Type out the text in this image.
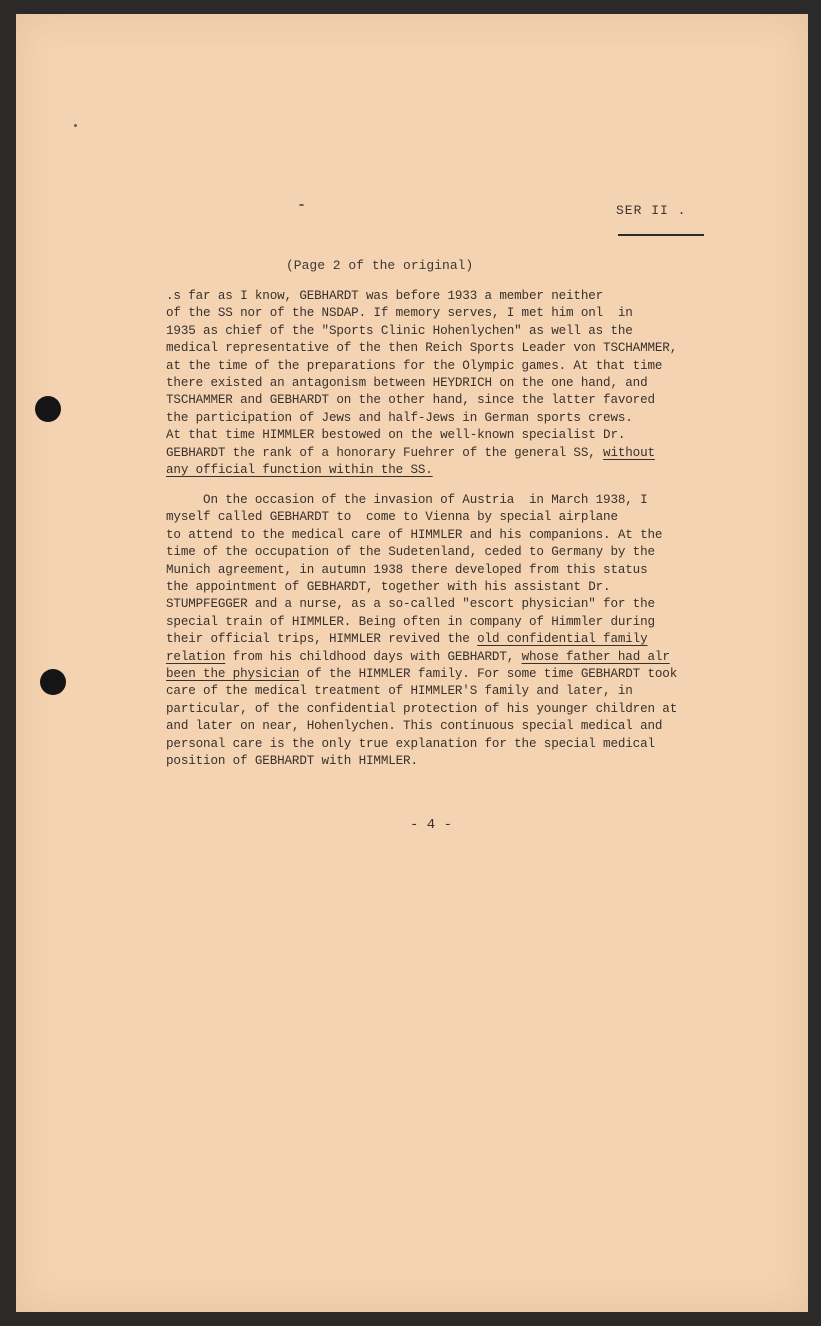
SER II .
(Page 2 of the original)

.s far as I know, GEBHARDT was before 1933 a member neither
of the SS nor of the NSDAP. If memory serves, I met him onl  in
1935 as chief of the "Sports Clinic Hohenlychen" as well as the
medical representative of the then Reich Sports Leader von TSCHAMMER,
at the time of the preparations for the Olympic games. At that time
there existed an antagonism between HEYDRICH on the one hand, and
TSCHAMMER and GEBHARDT on the other hand, since the latter favored
the participation of Jews and half-Jews in German sports crews.
At that time HIMMLER bestowed on the well-known specialist Dr.
GEBHARDT the rank of a honorary Fuehrer of the general SS, without
any official function within the SS.

On the occasion of the invasion of Austria  in March 1938, I
myself called GEBHARDT to  come to Vienna by special airplane
to attend to the medical care of HIMMLER and his companions. At the
time of the occupation of the Sudetenland, ceded to Germany by the
Munich agreement, in autumn 1938 there developed from this status
the appointment of GEBHARDT, together with his assistant Dr.
STUMPFEGGER and a nurse, as a so-called "escort physician" for the
special train of HIMMLER. Being often in company of Himmler during
their official trips, HIMMLER revived the old confidential family
relation from his childhood days with GEBHARDT, whose father had alr
been the physician of the HIMMLER family. For some time GEBHARDT took
care of the medical treatment of HIMMLER'S family and later, in
particular, of the confidential protection of his younger children at
and later on near, Hohenlychen. This continuous special medical and
personal care is the only true explanation for the special medical
position of GEBHARDT with HIMMLER.

- 4 -
